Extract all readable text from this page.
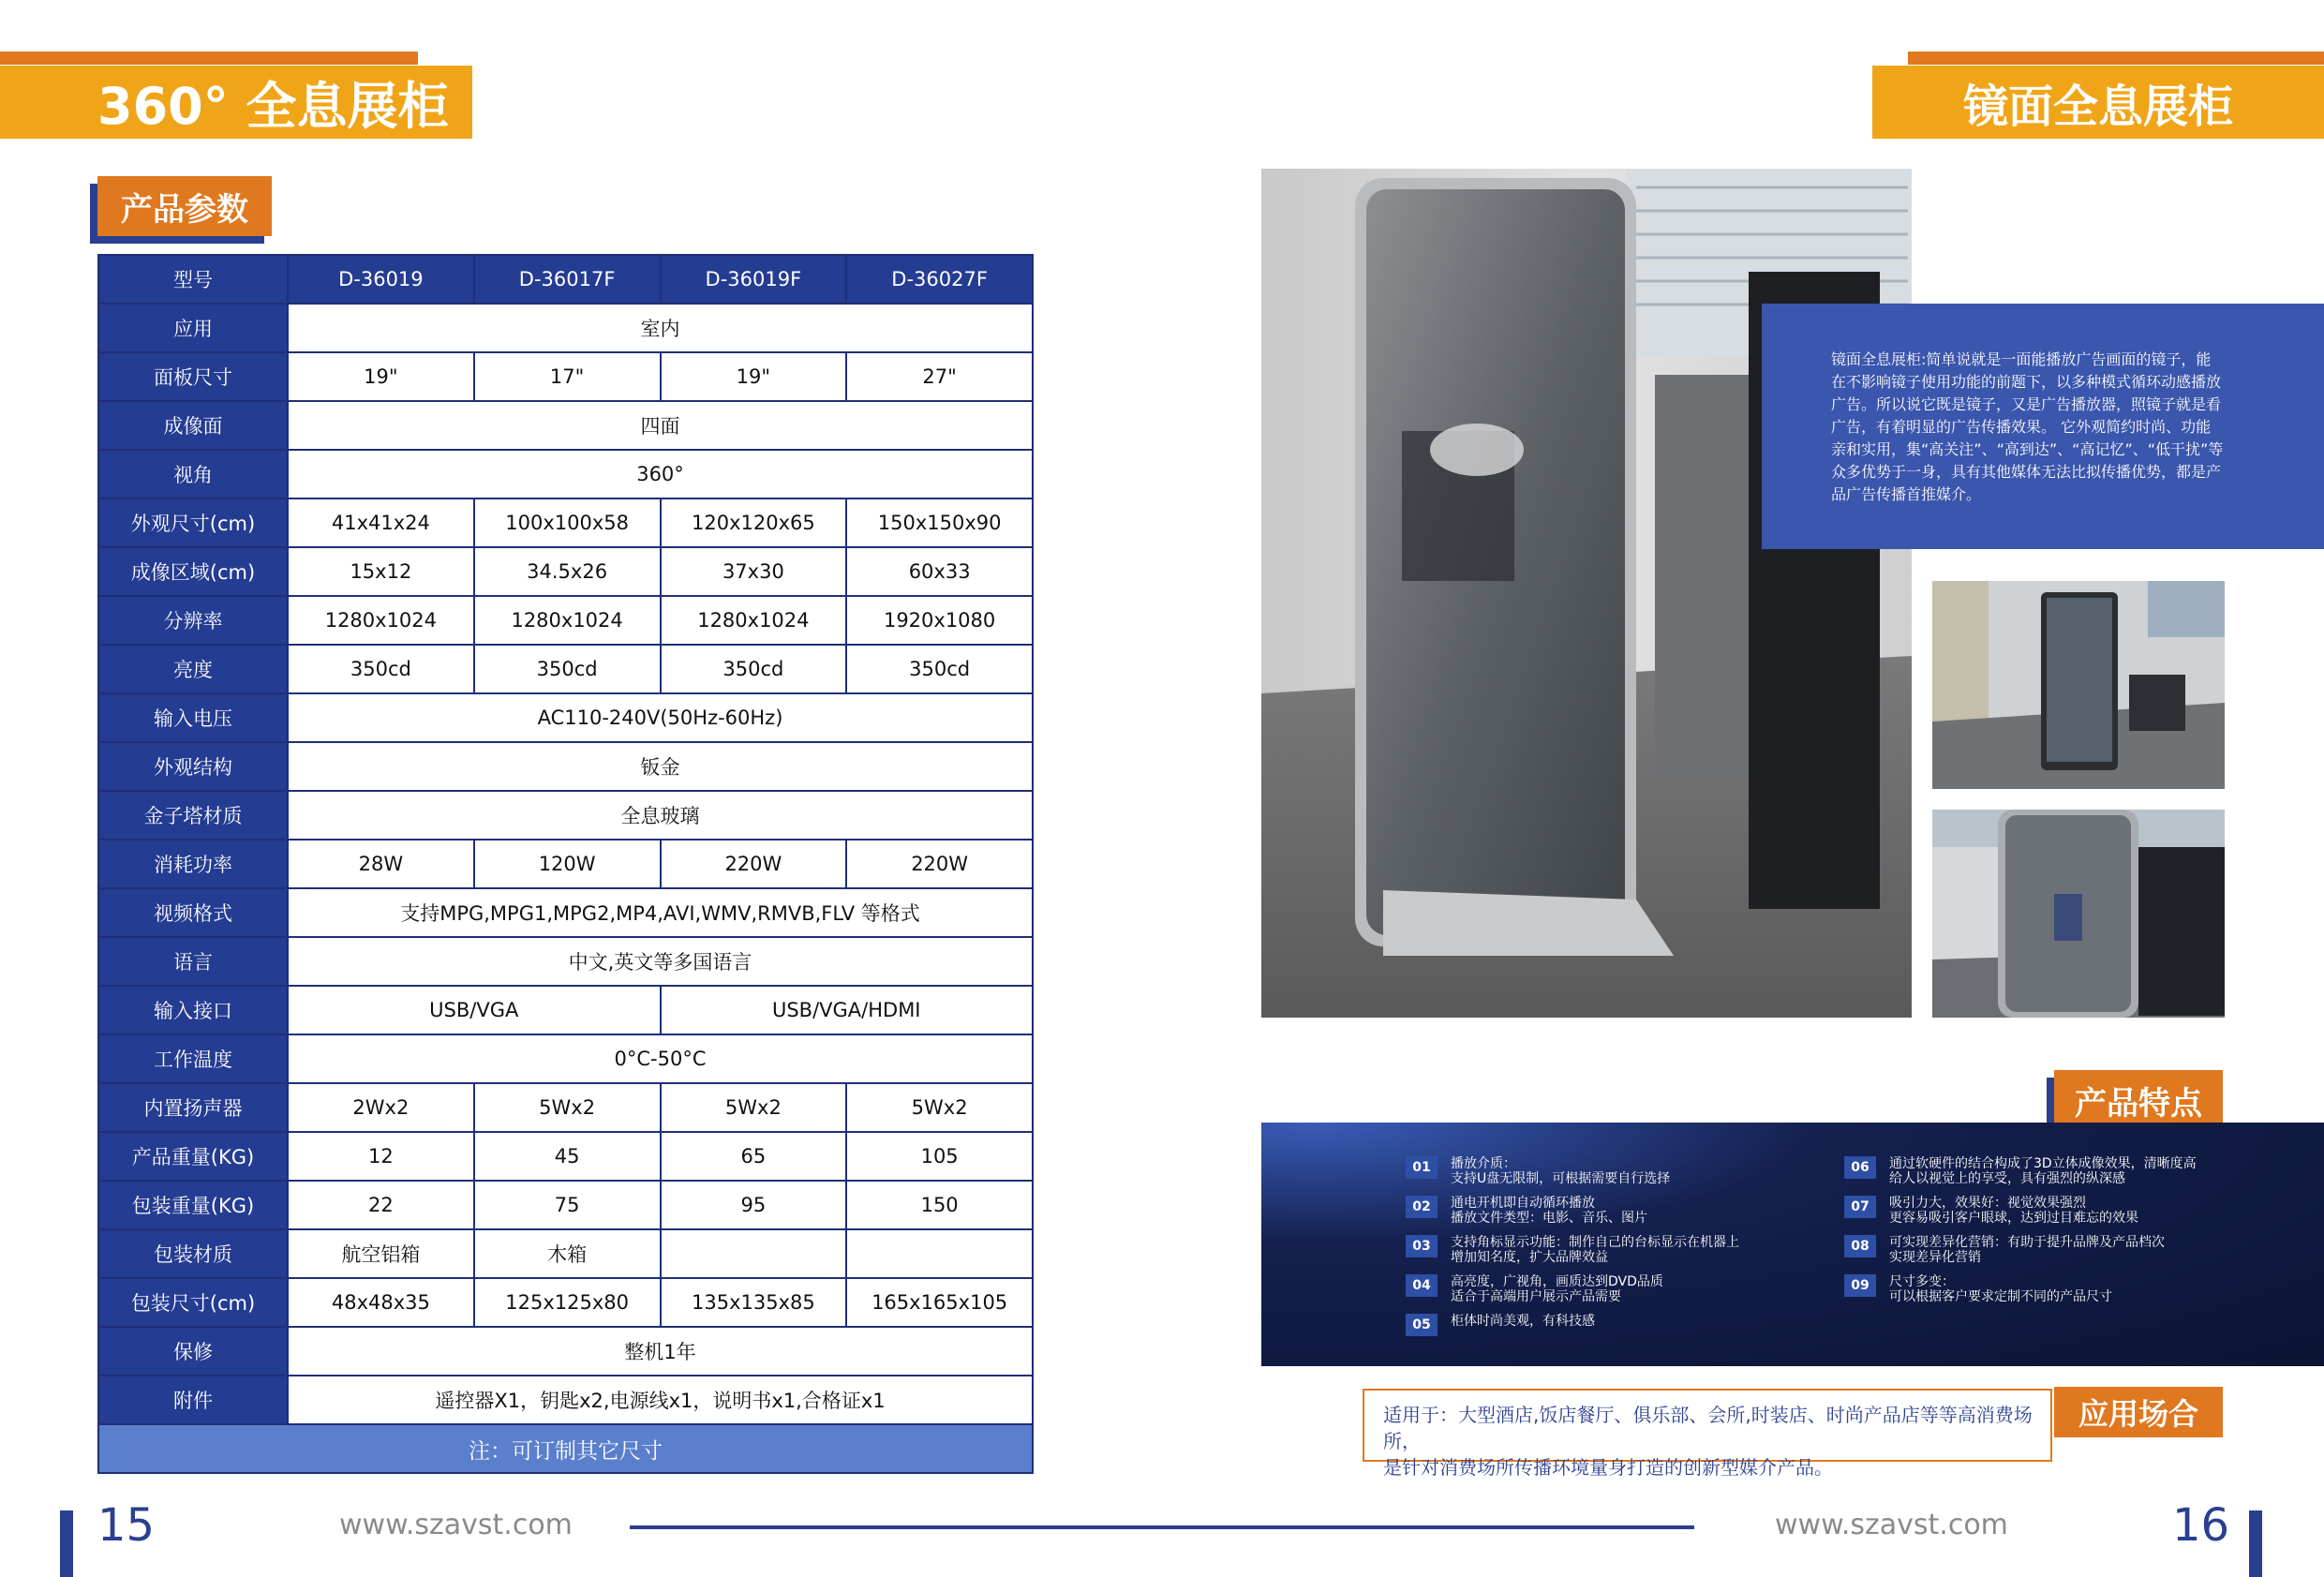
360° 全息展柜
产品参数
型号	D-36019	D-36017F	D-36019F	D-36027F
应用	室内			
面板尺寸	19"	17"	19"	27"
成像面	四面			
视角	360°			
外观尺寸(cm)	41x41x24	100x100x58	120x120x65	150x150x90
成像区域(cm)	15x12	34.5x26	37x30	60x33
分辨率	1280x1024	1280x1024	1280x1024	1920x1080
亮度	350cd	350cd	350cd	350cd
输入电压	AC110-240V(50Hz-60Hz)			
外观结构	钣金			
金子塔材质	全息玻璃			
消耗功率	28W	120W	220W	220W
视频格式	支持MPG,MPG1,MPG2,MP4,AVI,WMV,RMVB,FLV 等格式			
语言	中文,英文等多国语言			
输入接口	USB/VGA		USB/VGA/HDMI	
工作温度	0°C-50°C			
内置扬声器	2Wx2	5Wx2	5Wx2	5Wx2
产品重量(KG)	12	45	65	105
包装重量(KG)	22	75	95	150
包装材质	航空铝箱	木箱		
包装尺寸(cm)	48x48x35	125x125x80	135x135x85	165x165x105
保修	整机1年			
附件	遥控器X1，钥匙x2,电源线x1，说明书x1,合格证x1			
注：可订制其它尺寸				
镜面全息展柜
镜面全息展柜:简单说就是一面能播放广告画面的镜子，能在不影响镜子使用功能的前题下，以多种模式循环动感播放广告。所以说它既是镜子，又是广告播放器，照镜子就是看广告，有着明显的广告传播效果。 它外观简约时尚、功能亲和实用，集“高关注”、“高到达”、“高记忆”、“低干扰”等众多优势于一身，具有其他媒体无法比拟传播优势，都是产品广告传播首推媒介。
产品特点
01	播放介质：
支持U盘无限制，可根据需要自行选择
02	通电开机即自动循环播放
播放文件类型：电影、音乐、图片
03	支持角标显示功能：制作自己的台标显示在机器上
增加知名度，扩大品牌效益
04	高亮度，广视角，画质达到DVD品质
适合于高端用户展示产品需要
05	柜体时尚美观，有科技感
06	通过软硬件的结合构成了3D立体成像效果，清晰度高
给人以视觉上的享受，具有强烈的纵深感
07	吸引力大，效果好：视觉效果强烈
更容易吸引客户眼球，达到过目难忘的效果
08	可实现差异化营销：有助于提升品牌及产品档次
实现差异化营销
09	尺寸多变：
可以根据客户要求定制不同的产品尺寸
适用于：大型酒店,饭店餐厅、俱乐部、会所,时装店、时尚产品店等等高消费场所，
是针对消费场所传播环境量身打造的创新型媒介产品。
应用场合
15	www.szavst.com	www.szavst.com	16
